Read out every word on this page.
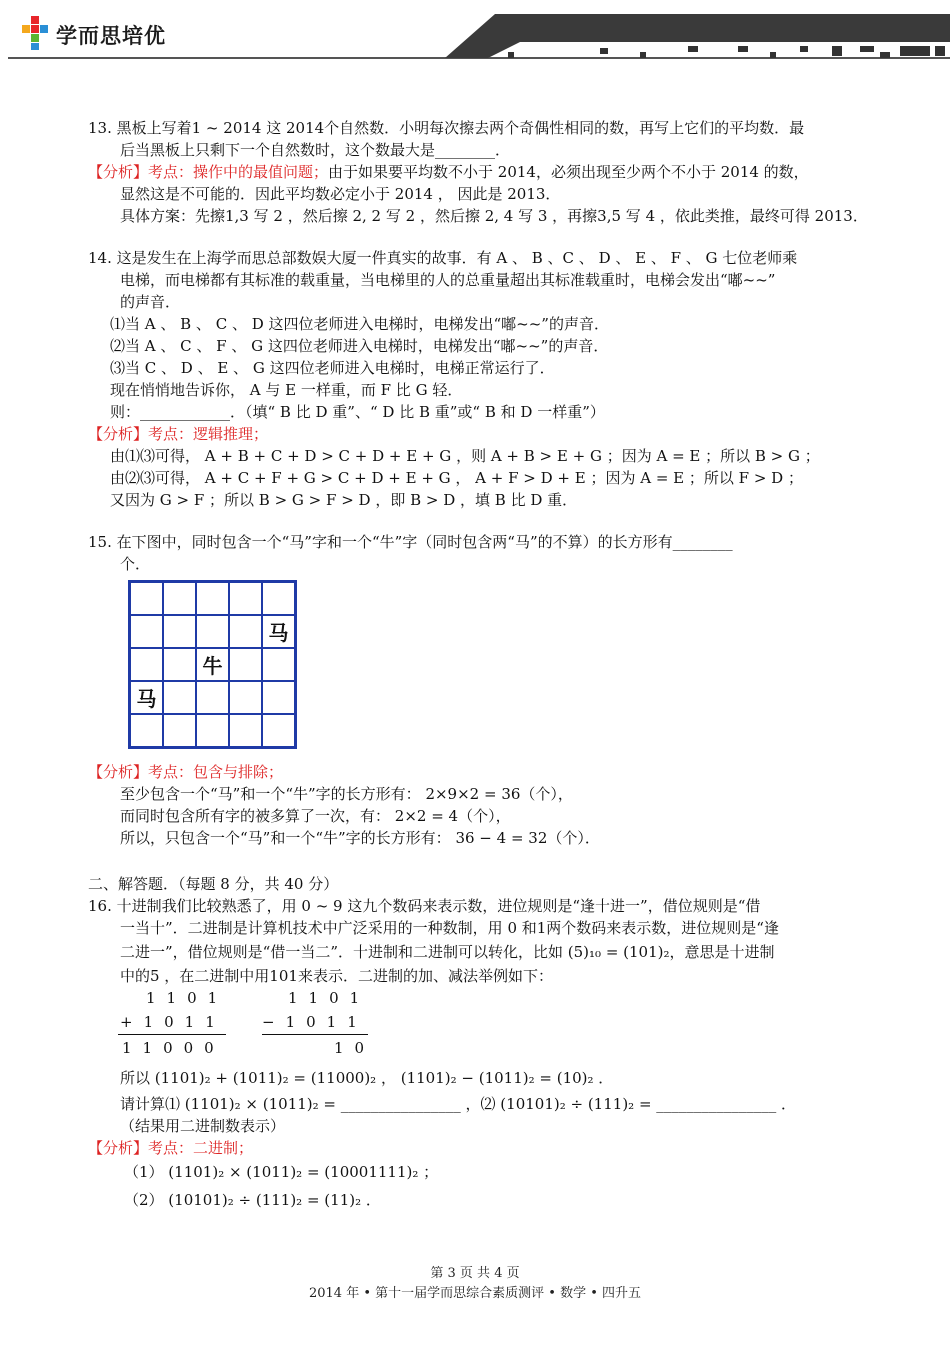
学而思培优
13. 黑板上写着1 ~ 2014 这 2014个自然数．小明每次擦去两个奇偶性相同的数，再写上它们的平均数．最
后当黑板上只剩下一个自然数时，这个数最大是________．
【分析】考点：操作中的最值问题；由于如果要平均数不小于 2014，必须出现至少两个不小于 2014 的数，
显然这是不可能的．因此平均数必定小于 2014 ， 因此是 2013．
具体方案：先擦1,3 写 2 ，然后擦 2, 2 写 2 ，然后擦 2, 4 写 3 ，再擦3,5 写 4 ，依此类推，最终可得 2013．
14. 这是发生在上海学而思总部数娱大厦一件真实的故事．有 A 、 B 、C 、 D 、 E 、 F 、 G 七位老师乘
电梯，而电梯都有其标准的载重量，当电梯里的人的总重量超出其标准载重时，电梯会发出“嘟~~”
的声音．
⑴当 A 、 B 、 C 、 D 这四位老师进入电梯时，电梯发出“嘟~~”的声音．
⑵当 A 、 C 、 F 、 G 这四位老师进入电梯时，电梯发出“嘟~~”的声音．
⑶当 C 、 D 、 E 、 G 这四位老师进入电梯时，电梯正常运行了．
现在悄悄地告诉你， A 与 E 一样重，而 F 比 G 轻．
则：____________．（填“ B 比 D 重”、“ D 比 B 重”或“ B 和 D 一样重”）
【分析】考点：逻辑推理；
由⑴⑶可得， A + B + C + D > C + D + E + G ，则 A + B > E + G ；因为 A = E ；所以 B > G ；
由⑵⑶可得， A + C + F + G > C + D + E + G ， A + F > D + E ；因为 A = E ；所以 F > D ；
又因为 G > F ；所以 B > G > F > D ，即 B > D ，填 B 比 D 重．
15. 在下图中，同时包含一个“马”字和一个“牛”字（同时包含两“马”的不算）的长方形有________
个．

				马
		牛		
马				

【分析】考点：包含与排除；
至少包含一个“马”和一个“牛”字的长方形有： 2×9×2 = 36（个），
而同时包含所有字的被多算了一次，有： 2×2 = 4（个），
所以，只包含一个“马”和一个“牛”字的长方形有： 36 − 4 = 32（个）．
二、解答题．（每题 8 分，共 40 分）
16. 十进制我们比较熟悉了，用 0 ~ 9 这九个数码来表示数，进位规则是“逢十进一”，借位规则是“借
一当十”．二进制是计算机技术中广泛采用的一种数制，用 0 和1两个数码来表示数，进位规则是“逢
二进一”，借位规则是“借一当二”．十进制和二进制可以转化，比如 (5)₁₀ = (101)₂，意思是十进制
中的5 ，在二进制中用101来表示．二进制的加、减法举例如下：
1101
+1011
11000
1101
−1011
10
所以 (1101)₂ + (1011)₂ = (11000)₂ ， (1101)₂ − (1011)₂ = (10)₂ ．
请计算⑴ (1101)₂ × (1011)₂ = ________________ ，⑵ (10101)₂ ÷ (111)₂ = ________________ ．
（结果用二进制数表示）
【分析】考点：二进制；
（1） (1101)₂ × (1011)₂ = (10001111)₂ ；
（2） (10101)₂ ÷ (111)₂ = (11)₂ ．
第 3 页 共 4 页
2014 年 • 第十一届学而思综合素质测评 • 数学 • 四升五
